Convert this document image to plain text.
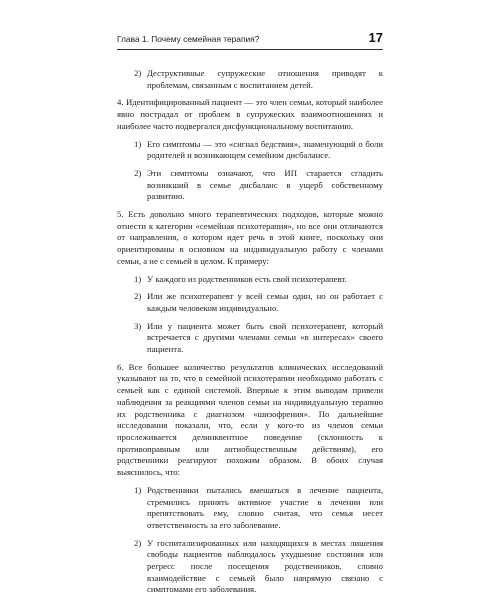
Глава 1. Почему семейная терапия?	17
2) Деструктивные супружеские отношения приводят к проблемам, связанным с воспитанием детей.

4. Идентифицированный пациент — это член семьи, который наиболее явно пострадал от проблем в супружеских взаимоотношениях и наиболее часто подвергался дисфункциональному воспитанию.

1) Его симптомы — это «сигнал бедствия», знаменующий о боли родителей и возникающем семейном дисбалансе.

2) Эти симптомы означают, что ИП старается сгладить возникший в семье дисбаланс в ущерб собственному развитию.

5. Есть довольно много терапевтических подходов, которые можно отнести к категории «семейная психотерапия», но все они отличаются от направления, о котором идет речь в этой книге, поскольку они ориентированы в основном на индивидуальную работу с членами семьи, а не с семьей в целом. К примеру:

1) У каждого из родственников есть свой психотерапевт.

2) Или же психотерапевт у всей семьи один, но он работает с каждым человеком индивидуально.

3) Или у пациента может быть свой психотерапевт, который встречается с другими членами семьи «в интересах» своего пациента.

6. Все большее количество результатов клинических исследований указывают на то, что в семейной психотерапии необходимо работать с семьей как с единой системой. Впервые к этим выводам привели наблюдения за реакциями членов семьи на индивидуальную терапию их родственника с диагнозом «шизофрения». По дальнейшие исследования показали, что, если у кого-то из членов семьи прослеживается делинквентное поведение (склонность к противоправным или антиобщественным действиям), его родственники реагируют похожим образом. В обоих случая выяснилось, что:

1) Родственники пытались вмешаться в лечение пациента, стремились принять активное участие в лечении или препятствовать ему, словно считая, что семья несет ответственность за его заболевание.

2) У госпитализированных или находящихся в местах лишения свободы пациентов наблюдалось ухудшение состояния или регресс после посещения родственников, словно взаимодействие с семьей было напрямую связано с симптомами его заболевания.
